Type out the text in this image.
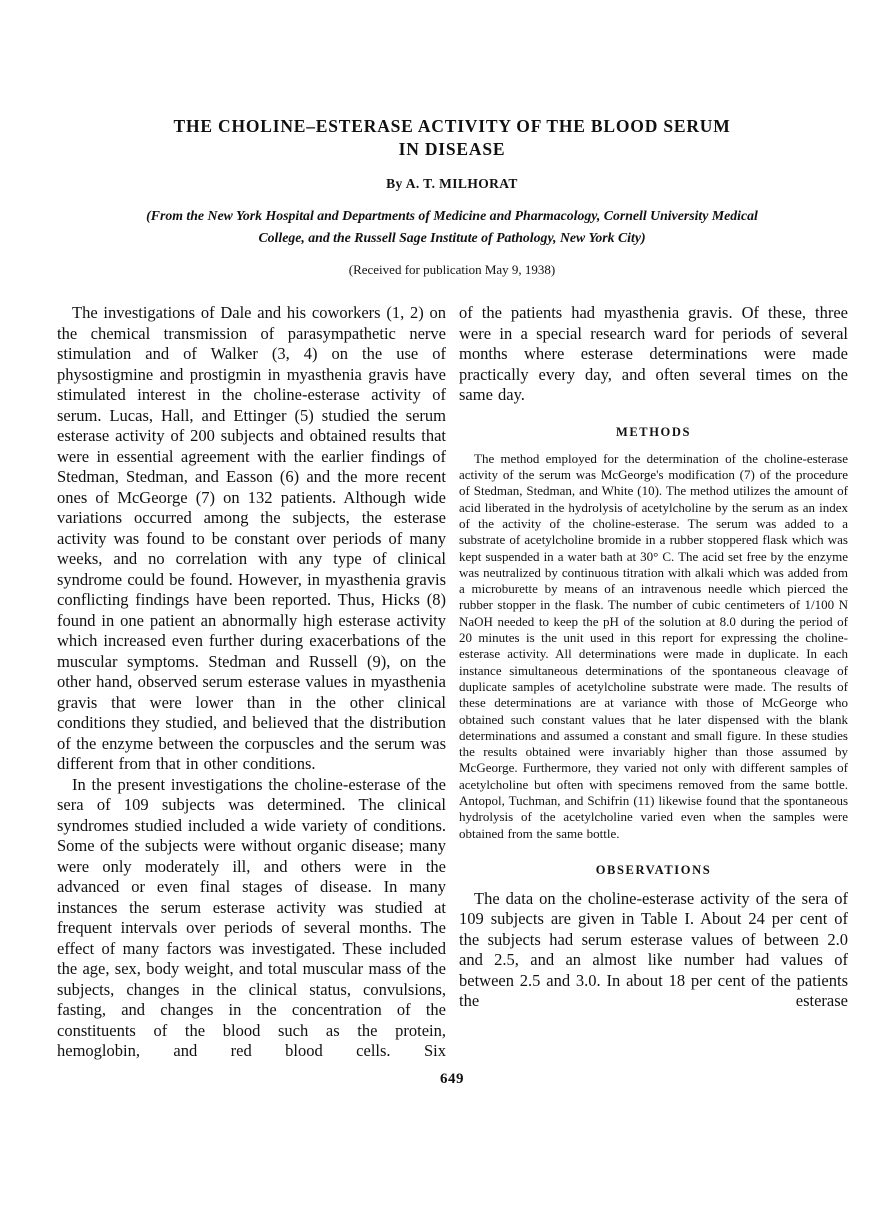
THE CHOLINE–ESTERASE ACTIVITY OF THE BLOOD SERUM
IN DISEASE
By A. T. MILHORAT
(From the New York Hospital and Departments of Medicine and Pharmacology, Cornell University Medical College, and the Russell Sage Institute of Pathology, New York City)
(Received for publication May 9, 1938)

The investigations of Dale and his coworkers (1, 2) on the chemical transmission of parasympathetic nerve stimulation and of Walker (3, 4) on the use of physostigmine and prostigmin in myasthenia gravis have stimulated interest in the choline-esterase activity of serum. Lucas, Hall, and Ettinger (5) studied the serum esterase activity of 200 subjects and obtained results that were in essential agreement with the earlier findings of Stedman, Stedman, and Easson (6) and the more recent ones of McGeorge (7) on 132 patients. Although wide variations occurred among the subjects, the esterase activity was found to be constant over periods of many weeks, and no correlation with any type of clinical syndrome could be found. However, in myasthenia gravis conflicting findings have been reported. Thus, Hicks (8) found in one patient an abnormally high esterase activity which increased even further during exacerbations of the muscular symptoms. Stedman and Russell (9), on the other hand, observed serum esterase values in myasthenia gravis that were lower than in the other clinical conditions they studied, and believed that the distribution of the enzyme between the corpuscles and the serum was different from that in other conditions.

In the present investigations the choline-esterase of the sera of 109 subjects was determined. The clinical syndromes studied included a wide variety of conditions. Some of the subjects were without organic disease; many were only moderately ill, and others were in the advanced or even final stages of disease. In many instances the serum esterase activity was studied at frequent intervals over periods of several months. The effect of many factors was investigated. These included the age, sex, body weight, and total muscular mass of the subjects, changes in the clinical status, convulsions, fasting, and changes in the concentration of the constituents of the blood such as the protein, hemoglobin, and red blood cells. Six

of the patients had myasthenia gravis. Of these, three were in a special research ward for periods of several months where esterase determinations were made practically every day, and often several times on the same day.

METHODS

The method employed for the determination of the choline-esterase activity of the serum was McGeorge's modification (7) of the procedure of Stedman, Stedman, and White (10). The method utilizes the amount of acid liberated in the hydrolysis of acetylcholine by the serum as an index of the activity of the choline-esterase. The serum was added to a substrate of acetylcholine bromide in a rubber stoppered flask which was kept suspended in a water bath at 30° C. The acid set free by the enzyme was neutralized by continuous titration with alkali which was added from a microburette by means of an intravenous needle which pierced the rubber stopper in the flask. The number of cubic centimeters of 1/100 N NaOH needed to keep the pH of the solution at 8.0 during the period of 20 minutes is the unit used in this report for expressing the choline-esterase activity. All determinations were made in duplicate. In each instance simultaneous determinations of the spontaneous cleavage of duplicate samples of acetylcholine substrate were made. The results of these determinations are at variance with those of McGeorge who obtained such constant values that he later dispensed with the blank determinations and assumed a constant and small figure. In these studies the results obtained were invariably higher than those assumed by McGeorge. Furthermore, they varied not only with different samples of acetylcholine but often with specimens removed from the same bottle. Antopol, Tuchman, and Schifrin (11) likewise found that the spontaneous hydrolysis of the acetylcholine varied even when the samples were obtained from the same bottle.

OBSERVATIONS

The data on the choline-esterase activity of the sera of 109 subjects are given in Table I. About 24 per cent of the subjects had serum esterase values of between 2.0 and 2.5, and an almost like number had values of between 2.5 and 3.0. In about 18 per cent of the patients the esterase

649
